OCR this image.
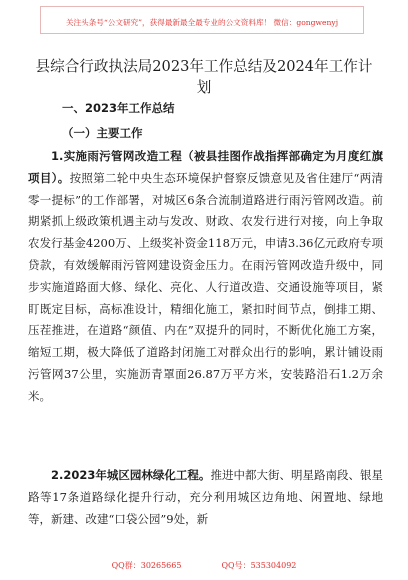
关注头条号“公文研究”，获得最新最全最专业的公文资料库！ 微信：gongwenyj
县综合行政执法局2023年工作总结及2024年工作计划
一、2023年工作总结
（一）主要工作

1.实施雨污管网改造工程（被县挂图作战指挥部确定为月度红旗项目）。按照第二轮中央生态环境保护督察反馈意见及省住建厅“两清零一提标”的工作部署，对城区6条合流制道路进行雨污管网改造。前期紧抓上级政策机遇主动与发改、财政、农发行进行对接，向上争取农发行基金4200万、上级奖补资金118万元，申请3.36亿元政府专项贷款，有效缓解雨污管网建设资金压力。在雨污管网改造升级中，同步实施道路面大修、绿化、亮化、人行道改造、交通设施等项目，紧盯既定目标，高标准设计，精细化施工，紧扣时间节点，倒排工期、压茬推进，在道路“颜值、内在”双提升的同时，不断优化施工方案，缩短工期，极大降低了道路封闭施工对群众出行的影响，累计铺设雨污管网37公里，实施沥青罩面26.87万平方米，安装路沿石1.2万余米。

2.2023年城区园林绿化工程。推进中都大街、明星路南段、银星路等17条道路绿化提升行动，充分利用城区边角地、闲置地、绿地等，新建、改建“口袋公园”9处，新

QQ群：30265665	QQ号：535304092
